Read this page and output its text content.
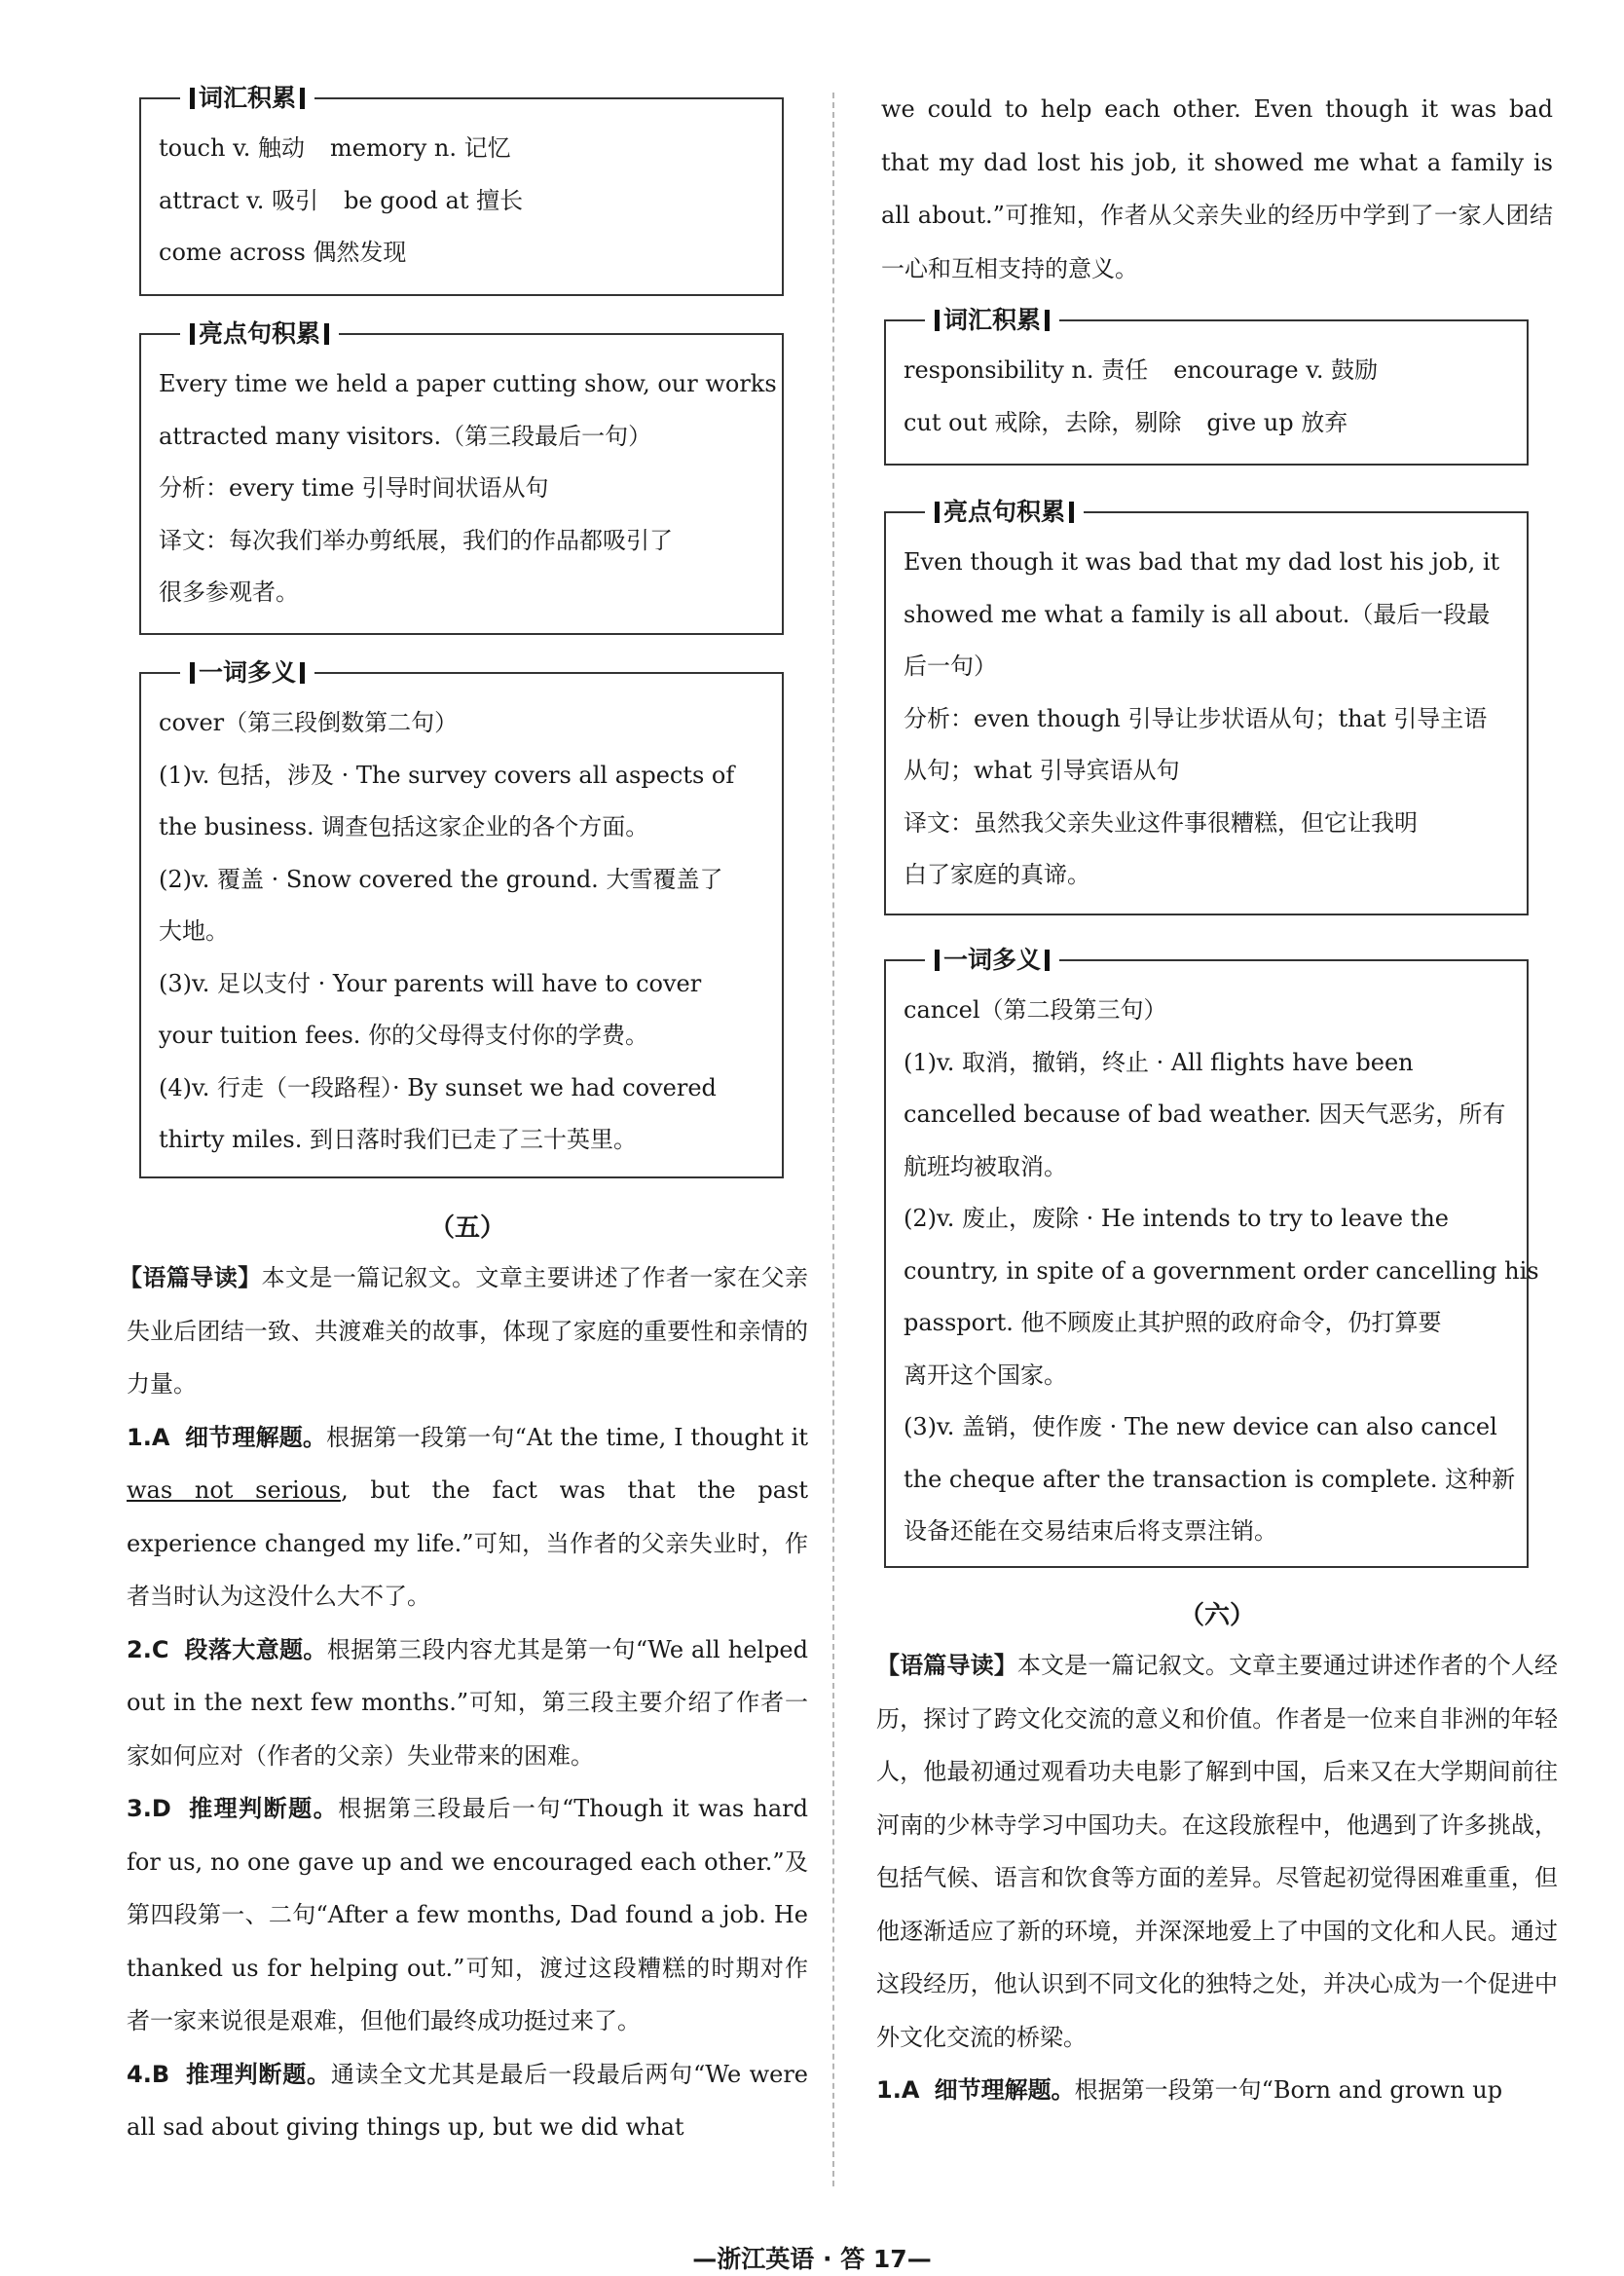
词汇积累
touch v. 触动 memory n. 记忆
attract v. 吸引 be good at 擅长
come across 偶然发现
亮点句积累
Every time we held a paper cutting show, our works
attracted many visitors.（第三段最后一句）
分析：every time 引导时间状语从句
译文：每次我们举办剪纸展，我们的作品都吸引了
很多参观者。
一词多义
cover（第三段倒数第二句）
(1)v. 包括，涉及 · The survey covers all aspects of
the business. 调查包括这家企业的各个方面。
(2)v. 覆盖 · Snow covered the ground. 大雪覆盖了
大地。
(3)v. 足以支付 · Your parents will have to cover
your tuition fees. 你的父母得支付你的学费。
(4)v. 行走（一段路程）· By sunset we had covered
thirty miles. 到日落时我们已走了三十英里。
（五）

【语篇导读】本文是一篇记叙文。文章主要讲述了作者一家在父亲失业后团结一致、共渡难关的故事，体现了家庭的重要性和亲情的力量。

1.A 细节理解题。根据第一段第一句“At the time, I thought it was not serious, but the fact was that the past experience changed my life.”可知，当作者的父亲失业时，作者当时认为这没什么大不了。

2.C 段落大意题。根据第三段内容尤其是第一句“We all helped out in the next few months.”可知，第三段主要介绍了作者一家如何应对（作者的父亲）失业带来的困难。

3.D 推理判断题。根据第三段最后一句“Though it was hard for us, no one gave up and we encouraged each other.”及第四段第一、二句“After a few months, Dad found a job. He thanked us for helping out.”可知，渡过这段糟糕的时期对作者一家来说很是艰难，但他们最终成功挺过来了。

4.B 推理判断题。通读全文尤其是最后一段最后两句“We were all sad about giving things up, but we did what

we could to help each other. Even though it was bad that my dad lost his job, it showed me what a family is all about.”可推知，作者从父亲失业的经历中学到了一家人团结一心和互相支持的意义。

词汇积累
responsibility n. 责任 encourage v. 鼓励
cut out 戒除，去除，剔除 give up 放弃
亮点句积累
Even though it was bad that my dad lost his job, it
showed me what a family is all about.（最后一段最
后一句）
分析：even though 引导让步状语从句；that 引导主语
从句；what 引导宾语从句
译文：虽然我父亲失业这件事很糟糕，但它让我明
白了家庭的真谛。
一词多义
cancel（第二段第三句）
(1)v. 取消，撤销，终止 · All flights have been
cancelled because of bad weather. 因天气恶劣，所有
航班均被取消。
(2)v. 废止，废除 · He intends to try to leave the
country, in spite of a government order cancelling his
passport. 他不顾废止其护照的政府命令，仍打算要
离开这个国家。
(3)v. 盖销，使作废 · The new device can also cancel
the cheque after the transaction is complete. 这种新
设备还能在交易结束后将支票注销。
（六）

【语篇导读】本文是一篇记叙文。文章主要通过讲述作者的个人经历，探讨了跨文化交流的意义和价值。作者是一位来自非洲的年轻人，他最初通过观看功夫电影了解到中国，后来又在大学期间前往河南的少林寺学习中国功夫。在这段旅程中，他遇到了许多挑战，包括气候、语言和饮食等方面的差异。尽管起初觉得困难重重，但他逐渐适应了新的环境，并深深地爱上了中国的文化和人民。通过这段经历，他认识到不同文化的独特之处，并决心成为一个促进中外文化交流的桥梁。

1.A 细节理解题。根据第一段第一句“Born and grown up

—浙江英语 · 答 17—
